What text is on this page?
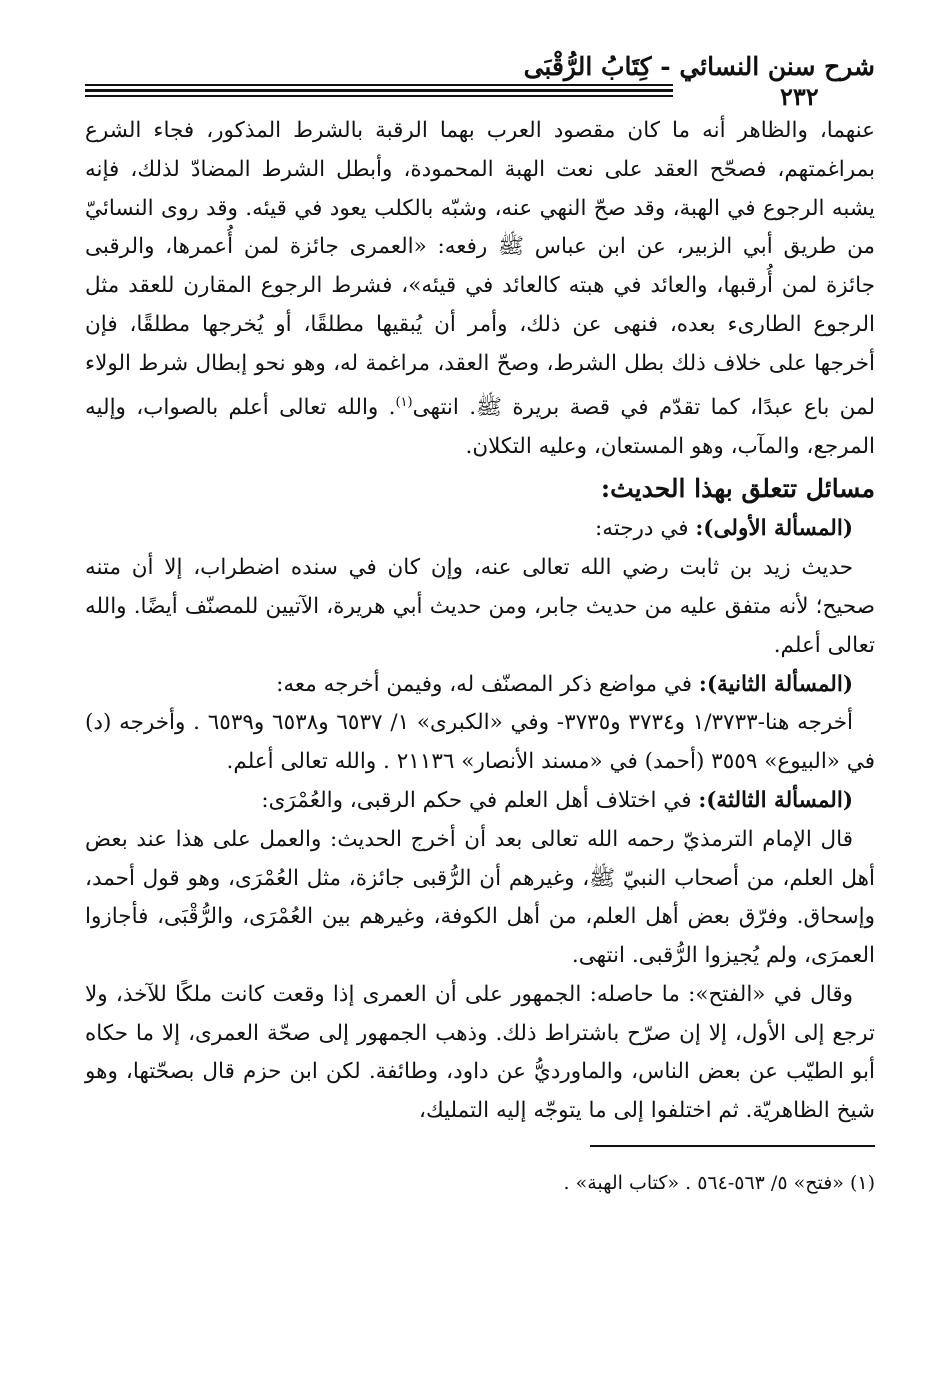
شرح سنن النسائي - كِتَابُ الرُّقْبَى
٢٣٢

عنهما، والظاهر أنه ما كان مقصود العرب بهما الرقبة بالشرط المذكور، فجاء الشرع بمراغمتهم، فصحّح العقد على نعت الهبة المحمودة، وأبطل الشرط المضادّ لذلك، فإنه يشبه الرجوع في الهبة، وقد صحّ النهي عنه، وشبّه بالكلب يعود في قيئه. وقد روى النسائيّ من طريق أبي الزبير، عن ابن عباس ﷺ رفعه: «العمرى جائزة لمن أُعمرها، والرقبى جائزة لمن أُرقبها، والعائد في هبته كالعائد في قيئه»، فشرط الرجوع المقارن للعقد مثل الرجوع الطارىء بعده، فنهى عن ذلك، وأمر أن يُبقيها مطلقًا، أو يُخرجها مطلقًا، فإن أخرجها على خلاف ذلك بطل الشرط، وصحّ العقد، مراغمة له، وهو نحو إبطال شرط الولاء لمن باع عبدًا، كما تقدّم في قصة بريرة ﷺ. انتهى$^{(١)}$. والله تعالى أعلم بالصواب، وإليه المرجع، والمآب، وهو المستعان، وعليه التكلان.

مسائل تتعلق بهذا الحديث:

(المسألة الأولى): في درجته:

حديث زيد بن ثابت رضي الله تعالى عنه، وإن كان في سنده اضطراب، إلا أن متنه صحيح؛ لأنه متفق عليه من حديث جابر، ومن حديث أبي هريرة، الآتيين للمصنّف أيضًا. والله تعالى أعلم.

(المسألة الثانية): في مواضع ذكر المصنّف له، وفيمن أخرجه معه:

أخرجه هنا-١/٣٧٣٣ و٣٧٣٤ و٣٧٣٥- وفي «الكبرى» ١/ ٦٥٣٧ و٦٥٣٨ و٦٥٣٩ . وأخرجه (د) في «البيوع» ٣٥٥٩ (أحمد) في «مسند الأنصار» ٢١١٣٦ . والله تعالى أعلم.

(المسألة الثالثة): في اختلاف أهل العلم في حكم الرقبى، والعُمْرَى:

قال الإمام الترمذيّ رحمه الله تعالى بعد أن أخرج الحديث: والعمل على هذا عند بعض أهل العلم، من أصحاب النبيّ ﷺ، وغيرهم أن الرُّقبى جائزة، مثل العُمْرَى، وهو قول أحمد، وإسحاق. وفرّق بعض أهل العلم، من أهل الكوفة، وغيرهم بين العُمْرَى، والرُّقْبَى، فأجازوا العمرَى، ولم يُجيزوا الرُّقبى. انتهى.

وقال في «الفتح»: ما حاصله: الجمهور على أن العمرى إذا وقعت كانت ملكًا للآخذ، ولا ترجع إلى الأول، إلا إن صرّح باشتراط ذلك. وذهب الجمهور إلى صحّة العمرى، إلا ما حكاه أبو الطيّب عن بعض الناس، والماورديُّ عن داود، وطائفة. لكن ابن حزم قال بصحّتها، وهو شيخ الظاهريّة. ثم اختلفوا إلى ما يتوجّه إليه التمليك،

(١) «فتح» ٥/ ٥٦٣-٥٦٤ . «كتاب الهبة» .
